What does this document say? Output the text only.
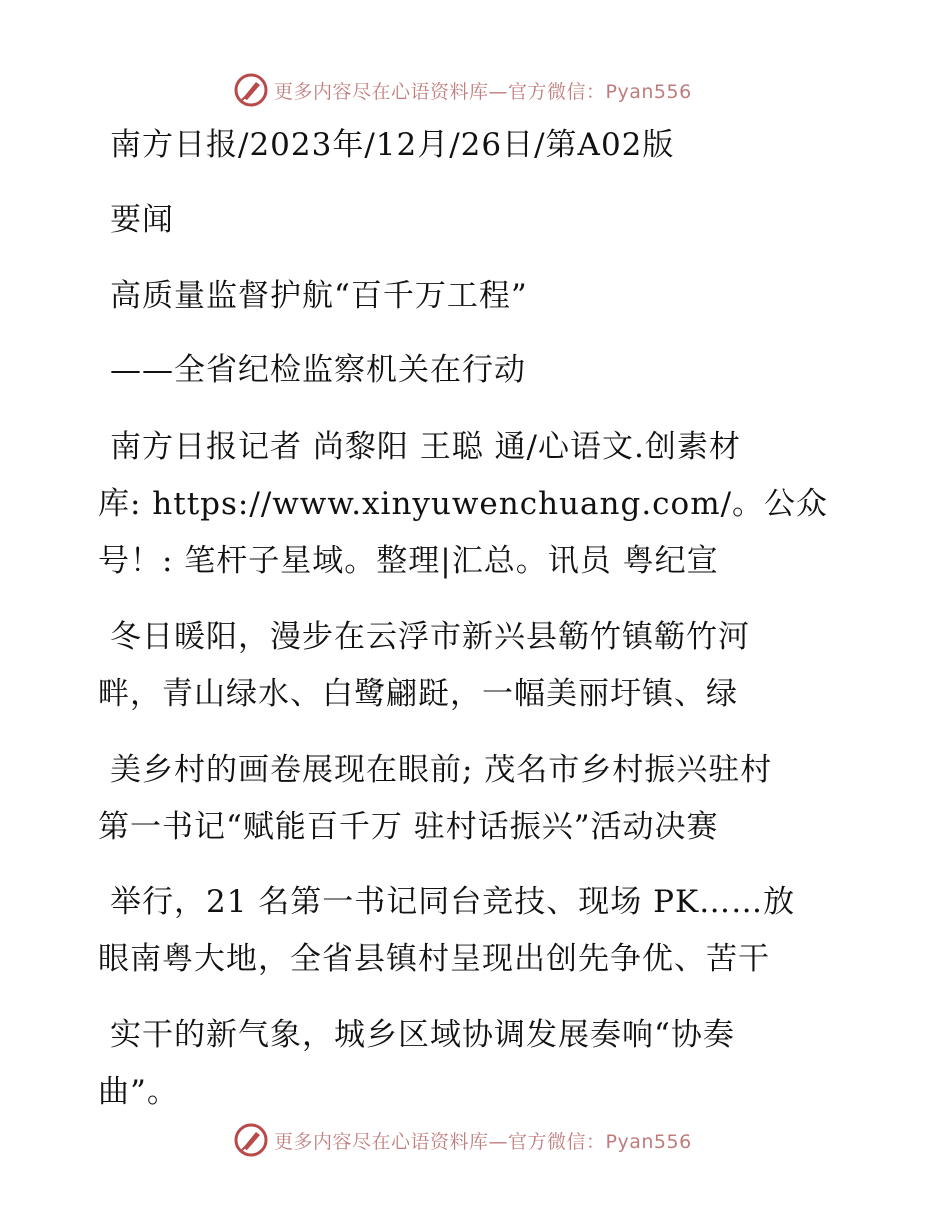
更多内容尽在心语资料库—官方微信：Pyan556
南方日报/2023年/12月/26日/第A02版
要闻
高质量监督护航“百千万工程”
——全省纪检监察机关在行动
南方日报记者 尚黎阳 王聪 通/心语文.创素材
库: https://www.xinyuwenchuang.com/。公众
号！: 笔杆子星域。整理|汇总。讯员 粤纪宣
冬日暖阳，漫步在云浮市新兴县簕竹镇簕竹河
畔，青山绿水、白鹭翩跹，一幅美丽圩镇、绿
美乡村的画卷展现在眼前; 茂名市乡村振兴驻村
第一书记“赋能百千万 驻村话振兴”活动决赛
举行，21 名第一书记同台竞技、现场 PK……放
眼南粤大地，全省县镇村呈现出创先争优、苦干
实干的新气象，城乡区域协调发展奏响“协奏
曲”。
更多内容尽在心语资料库—官方微信：Pyan556
